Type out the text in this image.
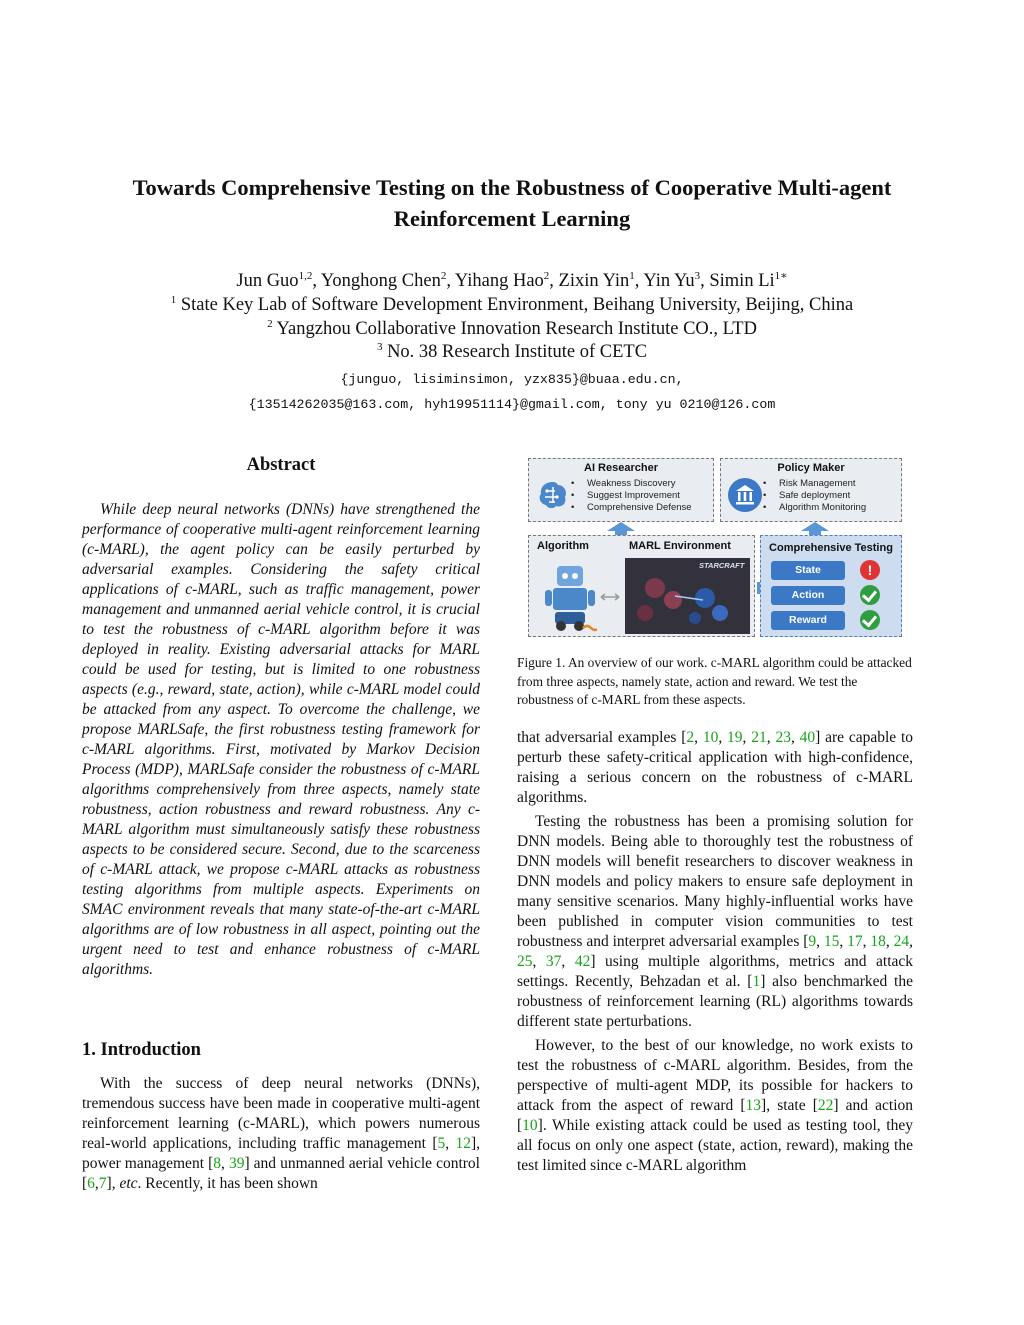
Towards Comprehensive Testing on the Robustness of Cooperative Multi-agent Reinforcement Learning
Jun Guo$^{1,2}$, Yonghong Chen$^2$, Yihang Hao$^2$, Zixin Yin$^1$, Yin Yu$^3$, Simin $Li^{1∗}$
$^1$ State Key Lab of Software Development Environment, Beihang University, Beijing, China
$^2$ Yangzhou Collaborative Innovation Research Institute CO., LTD
$^3$ No. 38 Research Institute of CETC
{junguo, lisiminsimon, yzx835}@buaa.edu.cn,
{13514262035@163.com, hyh19951114}@gmail.com, tony yu 0210@126.com
Abstract

While deep neural networks (DNNs) have strengthened the performance of cooperative multi-agent reinforcement learning (c-MARL), the agent policy can be easily perturbed by adversarial examples. Considering the safety critical applications of c-MARL, such as traffic management, power management and unmanned aerial vehicle control, it is crucial to test the robustness of c-MARL algorithm before it was deployed in reality. Existing adversarial attacks for MARL could be used for testing, but is limited to one robustness aspects (e.g., reward, state, action), while c-MARL model could be attacked from any aspect. To overcome the challenge, we propose MARLSafe, the first robustness testing framework for c-MARL algorithms. First, motivated by Markov Decision Process (MDP), MARLSafe consider the robustness of c-MARL algorithms comprehensively from three aspects, namely state robustness, action robustness and reward robustness. Any c-MARL algorithm must simultaneously satisfy these robustness aspects to be considered secure. Second, due to the scarceness of c-MARL attack, we propose c-MARL attacks as robustness testing algorithms from multiple aspects. Experiments on SMAC environment reveals that many state-of-the-art c-MARL algorithms are of low robustness in all aspect, pointing out the urgent need to test and enhance robustness of c-MARL algorithms.

1. Introduction

With the success of deep neural networks (DNNs), tremendous success have been made in cooperative multi-agent reinforcement learning (c-MARL), which powers numerous real-world applications, including traffic management [5, 12], power management [8, 39] and unmanned aerial vehicle control [6,7], etc. Recently, it has been shown

AI Researcher
• Weakness Discovery
• Suggest Improvement
• Comprehensive Defense
Policy Maker
• Risk Management
• Safe deployment
• Algorithm Monitoring
Algorithm	MARL Environment
STARCRAFT
Comprehensive Testing
State	!
Action
Reward
Figure 1. An overview of our work. c-MARL algorithm could be attacked from three aspects, namely state, action and reward. We test the robustness of c-MARL from these aspects.

that adversarial examples [2, 10, 19, 21, 23, 40] are capable to perturb these safety-critical application with high-confidence, raising a serious concern on the robustness of c-MARL algorithms.

Testing the robustness has been a promising solution for DNN models. Being able to thoroughly test the robustness of DNN models will benefit researchers to discover weakness in DNN models and policy makers to ensure safe deployment in many sensitive scenarios. Many highly-influential works have been published in computer vision communities to test robustness and interpret adversarial examples [9, 15, 17, 18, 24, 25, 37, 42] using multiple algorithms, metrics and attack settings. Recently, Behzadan et al. [1] also benchmarked the robustness of reinforcement learning (RL) algorithms towards different state perturbations.

However, to the best of our knowledge, no work exists to test the robustness of c-MARL algorithm. Besides, from the perspective of multi-agent MDP, its possible for hackers to attack from the aspect of reward [13], state [22] and action [10]. While existing attack could be used as testing tool, they all focus on only one aspect (state, action, reward), making the test limited since c-MARL algorithm
